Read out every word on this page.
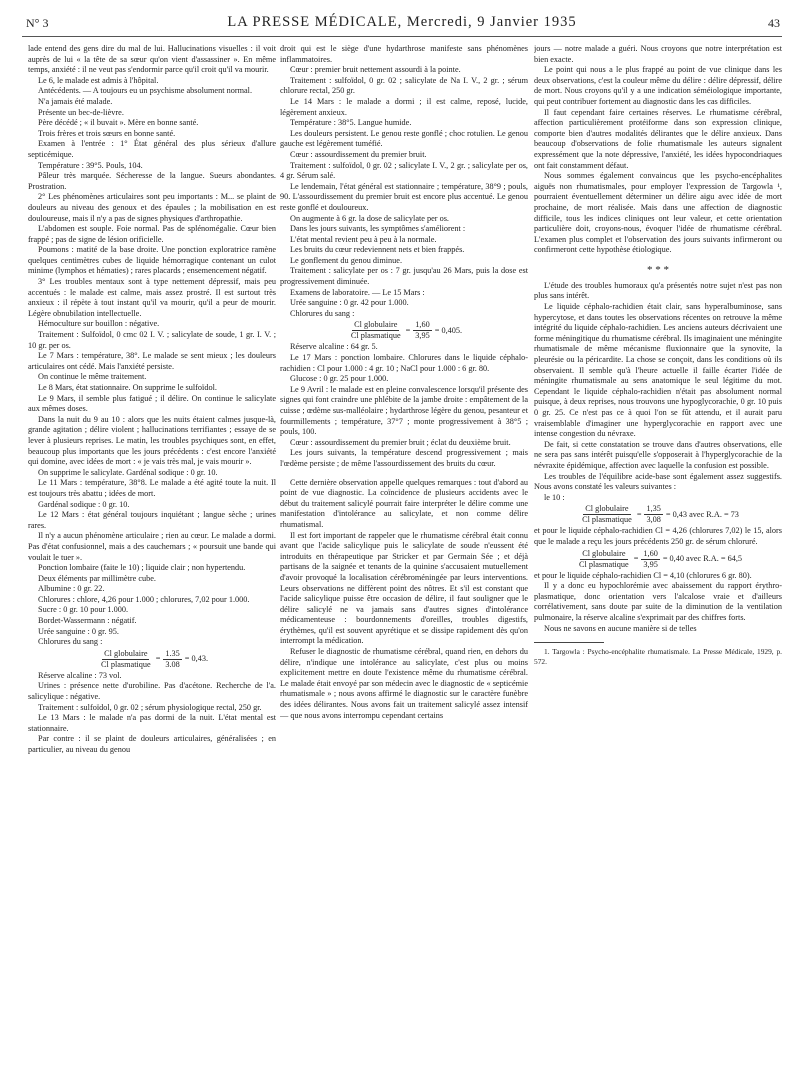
N° 3	LA PRESSE MÉDICALE, Mercredi, 9 Janvier 1935	43

lade entend des gens dire du mal de lui. Hallucinations visuelles : il voit auprès de lui « la tête de sa sœur qu'on vient d'assassiner ». En même temps, anxiété : il ne veut pas s'endormir parce qu'il croit qu'il va mourir.

Le 6, le malade est admis à l'hôpital.

Antécédents. — A toujours eu un psychisme absolument normal.

N'a jamais été malade.

Présente un bec-de-lièvre.

Père décédé ; « il buvait ». Mère en bonne santé.

Trois frères et trois sœurs en bonne santé.

Examen à l'entrée : 1° État général des plus sérieux d'allure septicémique.

Température : 39°5. Pouls, 104.

Pâleur très marquée. Sécheresse de la langue. Sueurs abondantes. Prostration.

2° Les phénomènes articulaires sont peu importants : M... se plaint de douleurs au niveau des genoux et des épaules ; la mobilisation en est douloureuse, mais il n'y a pas de signes physiques d'arthropathie.

L'abdomen est souple. Foie normal. Pas de splénomégalie. Cœur bien frappé ; pas de signe de lésion orificielle.

Poumons : matité de la base droite. Une ponction exploratrice ramène quelques centimètres cubes de liquide hémorragique contenant un culot minime (lymphos et hématies) ; rares placards ; ensemencement négatif.

3° Les troubles mentaux sont à type nettement dépressif, mais peu accentués : le malade est calme, mais assez prostré. Il est surtout très anxieux : il répète à tout instant qu'il va mourir, qu'il a peur de mourir. Légère obnubilation intellectuelle.

Hémoculture sur bouillon : négative.

Traitement : Sulfoïdol, 0 cmc 02 I. V. ; salicylate de soude, 1 gr. I. V. ; 10 gr. per os.

Le 7 Mars : température, 38°. Le malade se sent mieux ; les douleurs articulaires ont cédé. Mais l'anxiété persiste.

On continue le même traitement.

Le 8 Mars, état stationnaire. On supprime le sulfoïdol.

Le 9 Mars, il semble plus fatigué ; il délire. On continue le salicylate aux mêmes doses.

Dans la nuit du 9 au 10 : alors que les nuits étaient calmes jusque-là, grande agitation ; délire violent ; hallucinations terrifiantes ; essaye de se lever à plusieurs reprises. Le matin, les troubles psychiques sont, en effet, beaucoup plus importants que les jours précédents : c'est encore l'anxiété qui domine, avec idées de mort : « je vais très mal, je vais mourir ».

On supprime le salicylate. Gardénal sodique : 0 gr. 10.

Le 11 Mars : température, 38°8. Le malade a été agité toute la nuit. Il est toujours très abattu ; idées de mort.

Gardénal sodique : 0 gr. 10.

Le 12 Mars : état général toujours inquiétant ; langue sèche ; urines rares.

Il n'y a aucun phénomène articulaire ; rien au cœur. Le malade a dormi. Pas d'état confusionnel, mais a des cauchemars ; « poursuit une bande qui voulait le tuer ».

Ponction lombaire (faite le 10) ; liquide clair ; non hypertendu.

Deux éléments par millimètre cube.

Albumine : 0 gr. 22.

Chlorures : chlore, 4,26 pour 1.000 ; chlorures, 7,02 pour 1.000.

Sucre : 0 gr. 10 pour 1.000.

Bordet-Wassermann : négatif.

Urée sanguine : 0 gr. 95.

Chlorures du sang :

$\frac{\text{Cl globulaire}}{\text{Cl plasmatique}} = \frac{1.35}{3.08} = 0,43$.

Réserve alcaline : 73 vol.

Urines : présence nette d'urobiline. Pas d'acétone. Recherche de l'a. salicylique : négative.

Traitement : sulfoïdol, 0 gr. 02 ; sérum physiologique rectal, 250 gr.

Le 13 Mars : le malade n'a pas dormi de la nuit. L'état mental est stationnaire.

Par contre : il se plaint de douleurs articulaires, généralisées ; en particulier, au niveau du genou

droit qui est le siège d'une hydarthrose manifeste sans phénomènes inflammatoires.

Cœur : premier bruit nettement assourdi à la pointe.

Traitement : sulfoïdol, 0 gr. 02 ; salicylate de Na I. V., 2 gr. ; sérum chlorure rectal, 250 gr.

Le 14 Mars : le malade a dormi ; il est calme, reposé, lucide, légèrement anxieux.

Température : 38°5. Langue humide.

Les douleurs persistent. Le genou reste gonflé ; choc rotulien. Le genou gauche est légèrement tuméfié.

Cœur : assourdissement du premier bruit.

Traitement : sulfoïdol, 0 gr. 02 ; salicylate I. V., 2 gr. ; salicylate per os, 4 gr. Sérum salé.

Le lendemain, l'état général est stationnaire ; température, 38°9 ; pouls, 90. L'assourdissement du premier bruit est encore plus accentué. Le genou reste gonflé et douloureux.

On augmente à 6 gr. la dose de salicylate per os.

Dans les jours suivants, les symptômes s'améliorent :

L'état mental revient peu à peu à la normale.

Les bruits du cœur redeviennent nets et bien frappés.

Le gonflement du genou diminue.

Traitement : salicylate per os : 7 gr. jusqu'au 26 Mars, puis la dose est progressivement diminuée.

Examens de laboratoire. — Le 15 Mars :

Urée sanguine : 0 gr. 42 pour 1.000.

Chlorures du sang :

$\frac{\text{Cl globulaire}}{\text{Cl plasmatique}} = \frac{1,60}{3,95} = 0,405$.

Réserve alcaline : 64 gr. 5.

Le 17 Mars : ponction lombaire. Chlorures dans le liquide céphalo-rachidien : Cl pour 1.000 : 4 gr. 10 ; NaCl pour 1.000 : 6 gr. 80.

Glucose : 0 gr. 25 pour 1.000.

Le 9 Avril : le malade est en pleine convalescence lorsqu'il présente des signes qui font craindre une phlébite de la jambe droite : empâtement de la cuisse ; œdème sus-malléolaire ; hydarthrose légère du genou, pesanteur et fourmillements ; température, 37°7 ; monte progressivement à 38°5 ; pouls, 100.

Cœur : assourdissement du premier bruit ; éclat du deuxième bruit.

Les jours suivants, la température descend progressivement ; mais l'œdème persiste ; de même l'assourdissement des bruits du cœur.

Cette dernière observation appelle quelques remarques : tout d'abord au point de vue diagnostic. La coïncidence de plusieurs accidents avec le début du traitement salicylé pourrait faire interpréter le délire comme une manifestation d'intolérance au salicylate, et non comme délire rhumatismal.

Il est fort important de rappeler que le rhumatisme cérébral était connu avant que l'acide salicylique puis le salicylate de soude n'eussent été introduits en thérapeutique par Stricker et par Germain Sée ; et déjà partisans de la saignée et tenants de la quinine s'accusaient mutuellement d'avoir provoqué la localisation cérébroméningée par leurs interventions. Leurs observations ne diffèrent point des nôtres. Et s'il est constant que l'acide salicylique puisse être occasion de délire, il faut souligner que le délire salicylé ne va jamais sans d'autres signes d'intolérance médicamenteuse : bourdonnements d'oreilles, troubles digestifs, érythèmes, qu'il est souvent apyrétique et se dissipe rapidement dès qu'on interrompt la médication.

Refuser le diagnostic de rhumatisme cérébral, quand rien, en dehors du délire, n'indique une intolérance au salicylate, c'est plus ou moins explicitement mettre en doute l'existence même du rhumatisme cérébral. Le malade était envoyé par son médecin avec le diagnostic de « septicémie rhumatismale » ; nous avons affirmé le diagnostic sur le caractère funèbre des idées délirantes. Nous avons fait un traitement salicylé assez intensif — que nous avons interrompu cependant certains

jours — notre malade a guéri. Nous croyons que notre interprétation est bien exacte.

Le point qui nous a le plus frappé au point de vue clinique dans les deux observations, c'est la couleur même du délire : délire dépressif, délire de mort. Nous croyons qu'il y a une indication séméiologique importante, qui peut contribuer fortement au diagnostic dans les cas difficiles.

Il faut cependant faire certaines réserves. Le rhumatisme cérébral, affection particulièrement protéiforme dans son expression clinique, comporte bien d'autres modalités délirantes que le délire anxieux. Dans beaucoup d'observations de folie rhumatismale les auteurs signalent expressément que la note dépressive, l'anxiété, les idées hypocondriaques ont fait constamment défaut.

Nous sommes également convaincus que les psycho-encéphalites aiguës non rhumatismales, pour employer l'expression de Targowla ¹, pourraient éventuellement déterminer un délire aigu avec idée de mort prochaine, de mort réalisée. Mais dans une affection de diagnostic difficile, tous les indices cliniques ont leur valeur, et cette orientation particulière doit, croyons-nous, évoquer l'idée de rhumatisme cérébral. L'examen plus complet et l'observation des jours suivants infirmeront ou confirmeront cette hypothèse étiologique.

* * *

L'étude des troubles humoraux qu'a présentés notre sujet n'est pas non plus sans intérêt.

Le liquide céphalo-rachidien était clair, sans hyperalbuminose, sans hypercytose, et dans toutes les observations récentes on retrouve la même intégrité du liquide céphalo-rachidien. Les anciens auteurs décrivaient une forme méningitique du rhumatisme cérébral. Ils imaginaient une méningite rhumatismale de même mécanisme fluxionnaire que la synovite, la pleurésie ou la péricardite. La chose se conçoit, dans les conditions où ils observaient. Il semble qu'à l'heure actuelle il faille écarter l'idée de méningite rhumatismale au sens anatomique le seul légitime du mot. Cependant le liquide céphalo-rachidien n'était pas absolument normal puisque, à deux reprises, nous trouvons une hypoglycorachie, 0 gr. 10 puis 0 gr. 25. Ce n'est pas ce à quoi l'on se fût attendu, et il aurait paru vraisemblable d'imaginer une hyperglycorachie en rapport avec une intense congestion du névraxe.

De fait, si cette constatation se trouve dans d'autres observations, elle ne sera pas sans intérêt puisqu'elle s'opposerait à l'hyperglycorachie de la névraxite épidémique, affection avec laquelle la confusion est possible.

Les troubles de l'équilibre acide-base sont également assez suggestifs. Nous avons constaté les valeurs suivantes :

le 10 :

$\frac{\text{Cl globulaire}}{\text{Cl plasmatique}} = \frac{1,35}{3,08} = 0,43$ avec R.A. = 73

et pour le liquide céphalo-rachidien Cl = 4,26 (chlorures 7,02) le 15, alors que le malade a reçu les jours précédents 250 gr. de sérum chloruré.

$\frac{\text{Cl globulaire}}{\text{Cl plasmatique}} = \frac{1,60}{3,95} = 0,40$ avec R.A. = 64,5

et pour le liquide céphalo-rachidien Cl = 4,10 (chlorures 6 gr. 80).

Il y a donc eu hypochlorémie avec abaissement du rapport érythro-plasmatique, donc orientation vers l'alcalose vraie et d'ailleurs corrélativement, sans doute par suite de la diminution de la ventilation pulmonaire, la réserve alcaline s'exprimait par des chiffres forts.

Nous ne savons en aucune manière si de telles

1. Targowla : Psycho-encéphalite rhumatismale. La Presse Médicale, 1929, p. 572.
